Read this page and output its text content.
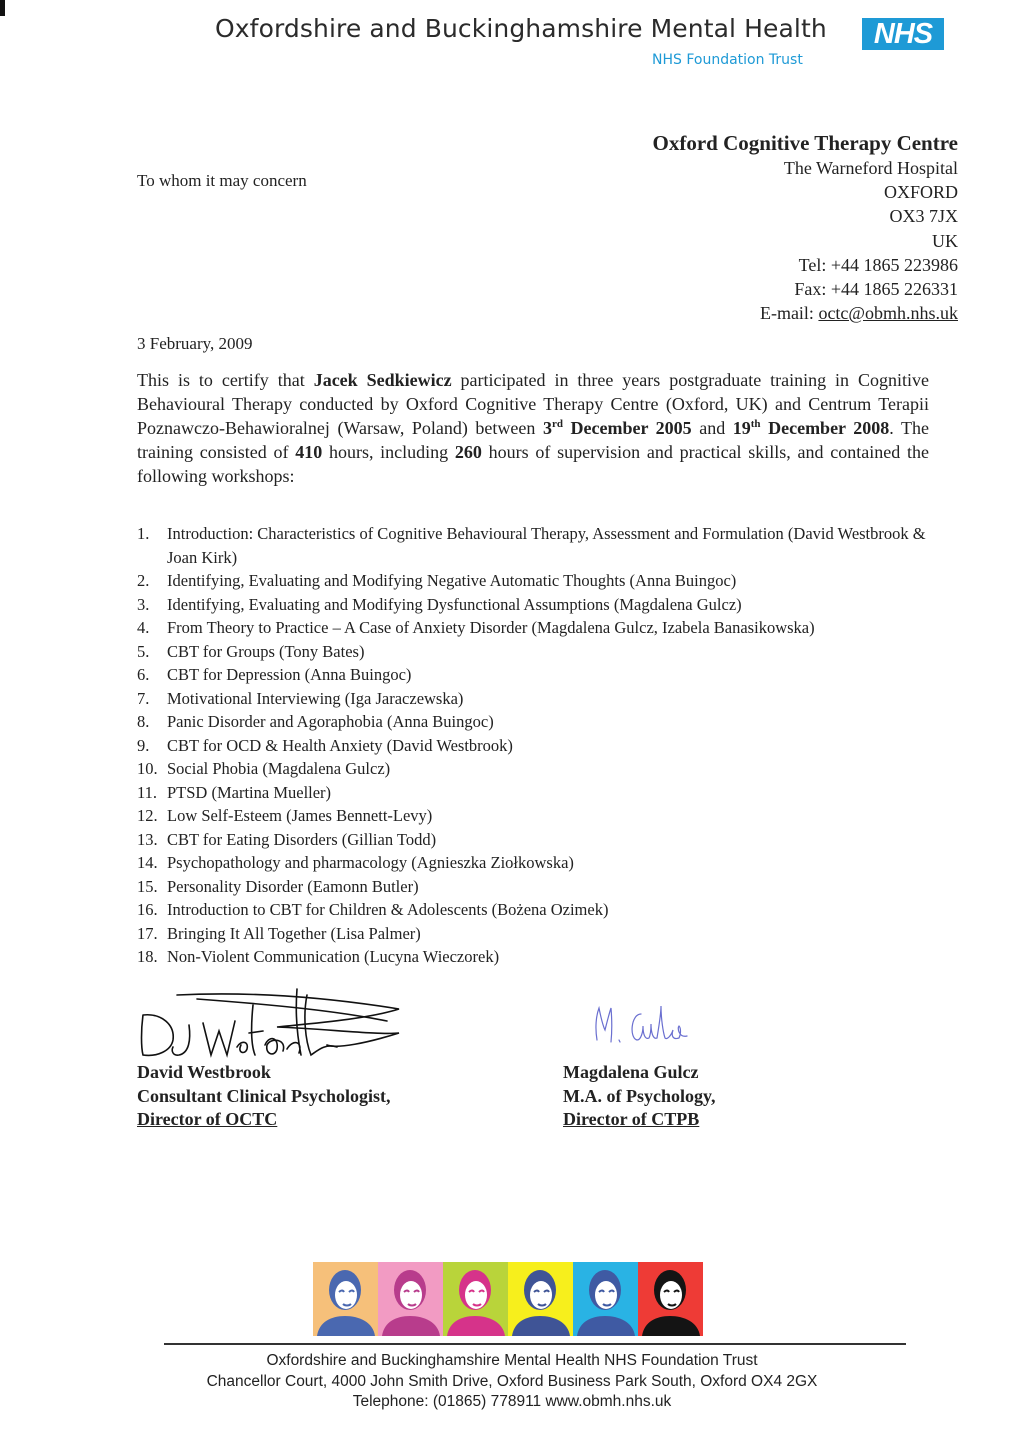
Oxfordshire and Buckinghamshire Mental Health	NHS
NHS Foundation Trust
To whom it may concern
Oxford Cognitive Therapy Centre
The Warneford Hospital
OXFORD
OX3 7JX
UK
Tel: +44 1865 223986
Fax: +44 1865 226331
E-mail: octc@obmh.nhs.uk
3 February, 2009
This is to certify that Jacek Sedkiewicz participated in three years postgraduate training in Cognitive Behavioural Therapy conducted by Oxford Cognitive Therapy Centre (Oxford, UK) and Centrum Terapii Poznawczo-Behawioralnej (Warsaw, Poland) between 3rd December 2005 and 19th December 2008. The training consisted of 410 hours, including 260 hours of supervision and practical skills, and contained the following workshops:
1. Introduction: Characteristics of Cognitive Behavioural Therapy, Assessment and Formulation (David Westbrook & Joan Kirk)
2. Identifying, Evaluating and Modifying Negative Automatic Thoughts (Anna Buingoc)
3. Identifying, Evaluating and Modifying Dysfunctional Assumptions (Magdalena Gulcz)
4. From Theory to Practice – A Case of Anxiety Disorder (Magdalena Gulcz, Izabela Banasikowska)
5. CBT for Groups (Tony Bates)
6. CBT for Depression (Anna Buingoc)
7. Motivational Interviewing (Iga Jaraczewska)
8. Panic Disorder and Agoraphobia (Anna Buingoc)
9. CBT for OCD & Health Anxiety (David Westbrook)
10. Social Phobia (Magdalena Gulcz)
11. PTSD (Martina Mueller)
12. Low Self-Esteem (James Bennett-Levy)
13. CBT for Eating Disorders (Gillian Todd)
14. Psychopathology and pharmacology (Agnieszka Ziołkowska)
15. Personality Disorder (Eamonn Butler)
16. Introduction to CBT for Children & Adolescents (Bożena Ozimek)
17. Bringing It All Together (Lisa Palmer)
18. Non-Violent Communication (Lucyna Wieczorek)
David Westbrook
Consultant Clinical Psychologist,
Director of OCTC
Magdalena Gulcz
M.A. of Psychology,
Director of CTPB
Oxfordshire and Buckinghamshire Mental Health NHS Foundation Trust
Chancellor Court, 4000 John Smith Drive, Oxford Business Park South, Oxford OX4 2GX
Telephone: (01865) 778911 www.obmh.nhs.uk
